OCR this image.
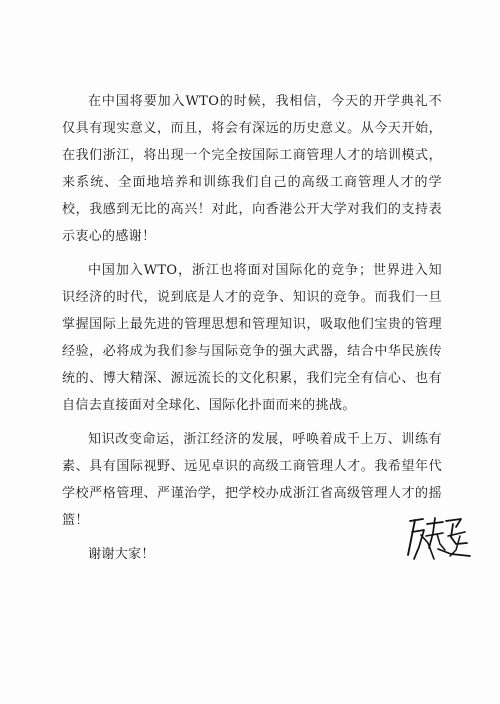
在中国将要加入WTO的时候，我相信，今天的开学典礼不仅具有现实意义，而且，将会有深远的历史意义。从今天开始，在我们浙江，将出现一个完全按国际工商管理人才的培训模式，来系统、全面地培养和训练我们自己的高级工商管理人才的学校，我感到无比的高兴！对此，向香港公开大学对我们的支持表示衷心的感谢！

中国加入WTO，浙江也将面对国际化的竞争；世界进入知识经济的时代，说到底是人才的竞争、知识的竞争。而我们一旦掌握国际上最先进的管理思想和管理知识，吸取他们宝贵的管理经验，必将成为我们参与国际竞争的强大武器，结合中华民族传统的、博大精深、源远流长的文化积累，我们完全有信心、也有自信去直接面对全球化、国际化扑面而来的挑战。

知识改变命运，浙江经济的发展，呼唤着成千上万、训练有素、具有国际视野、远见卓识的高级工商管理人才。我希望年代学校严格管理、严谨治学，把学校办成浙江省高级管理人才的摇篮！

谢谢大家！
